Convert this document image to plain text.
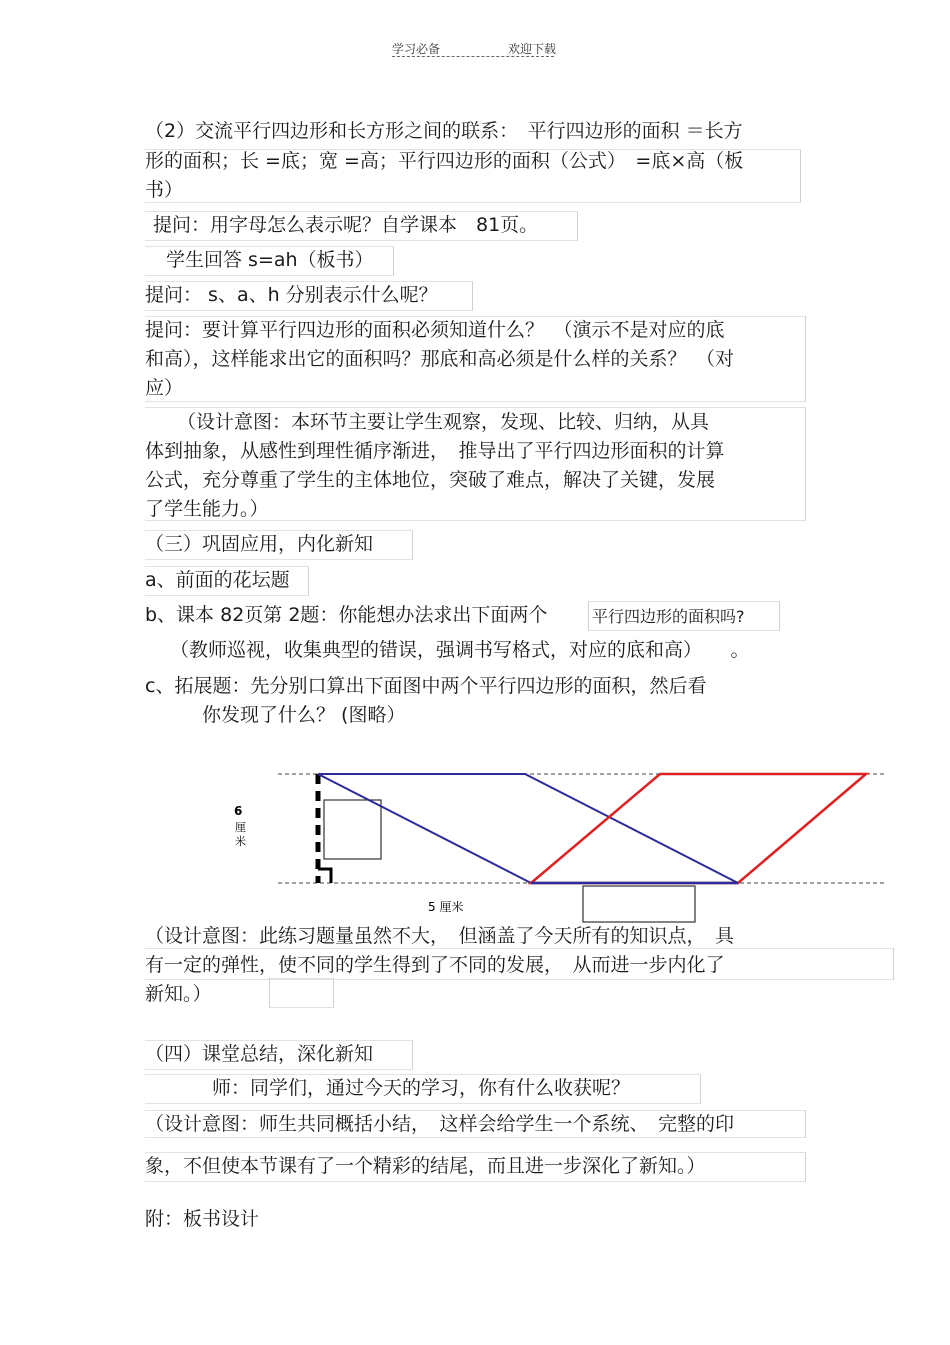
学习必备	欢迎下载
（2）交流平行四边形和长方形之间的联系：　平行四边形的面积 ＝长方
形的面积；长 =底；宽 =高；平行四边形的面积（公式）　=底×高（板
书）
提问：用字母怎么表示呢？自学课本　81页。
学生回答 s=ah（板书）
提问： s、a、h 分别表示什么呢？
提问：要计算平行四边形的面积必须知道什么？　（演示不是对应的底
和高），这样能求出它的面积吗？那底和高必须是什么样的关系？　（对
应）
（设计意图：本环节主要让学生观察，发现、比较、归纳，从具
体到抽象，从感性到理性循序渐进，　推导出了平行四边形面积的计算
公式，充分尊重了学生的主体地位，突破了难点，解决了关键，发展
了学生能力。）
（三）巩固应用，内化新知
a、前面的花坛题
b、课本 82页第 2题：你能想办法求出下面两个	平行四边形的面积吗?
（教师巡视，收集典型的错误，强调书写格式，对应的底和高）　　。
c、拓展题：先分别口算出下面图中两个平行四边形的面积，然后看
你发现了什么？ (图略）
6
厘
米
5 厘米
（设计意图：此练习题量虽然不大，　但涵盖了今天所有的知识点，　具
有一定的弹性，使不同的学生得到了不同的发展，　从而进一步内化了
新知。）
（四）课堂总结，深化新知
师：同学们，通过今天的学习，你有什么收获呢？
（设计意图：师生共同概括小结，　这样会给学生一个系统、　完整的印
象，不但使本节课有了一个精彩的结尾，而且进一步深化了新知。）
附：板书设计
